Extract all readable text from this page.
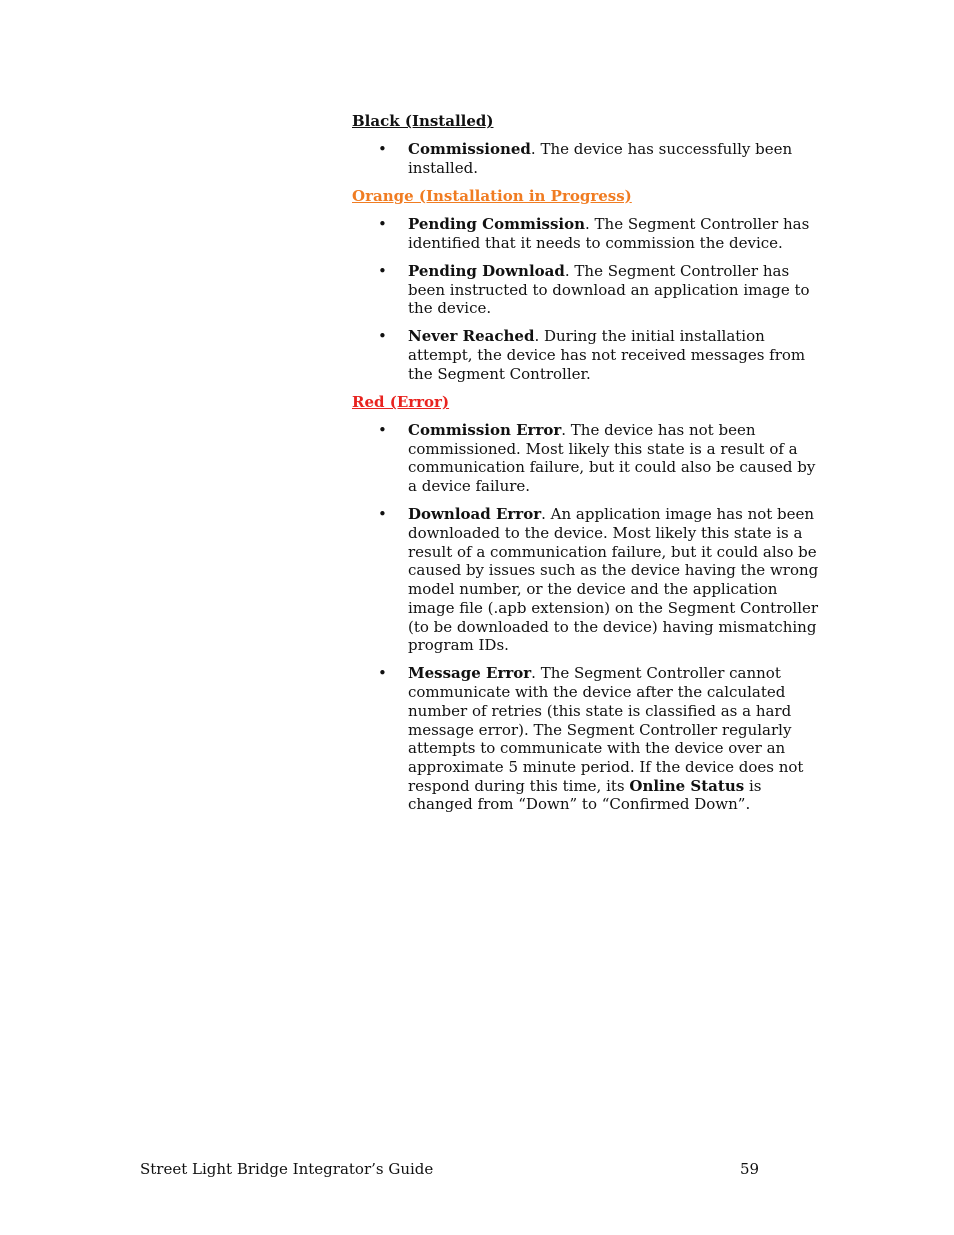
Black (Installed)
• Commissioned. The device has successfully been installed.
Orange (Installation in Progress)
• Pending Commission. The Segment Controller has identified that it needs to commission the device.
• Pending Download. The Segment Controller has been instructed to download an application image to the device.
• Never Reached. During the initial installation attempt, the device has not received messages from the Segment Controller.
Red (Error)
• Commission Error. The device has not been commissioned. Most likely this state is a result of a communication failure, but it could also be caused by a device failure.
• Download Error. An application image has not been downloaded to the device. Most likely this state is a result of a communication failure, but it could also be caused by issues such as the device having the wrong model number, or the device and the application image file (.apb extension) on the Segment Controller (to be downloaded to the device) having mismatching program IDs.
• Message Error. The Segment Controller cannot communicate with the device after the calculated number of retries (this state is classified as a hard message error). The Segment Controller regularly attempts to communicate with the device over an approximate 5 minute period. If the device does not respond during this time, its Online Status is changed from “Down” to “Confirmed Down”.
Street Light Bridge Integrator’s Guide	59
